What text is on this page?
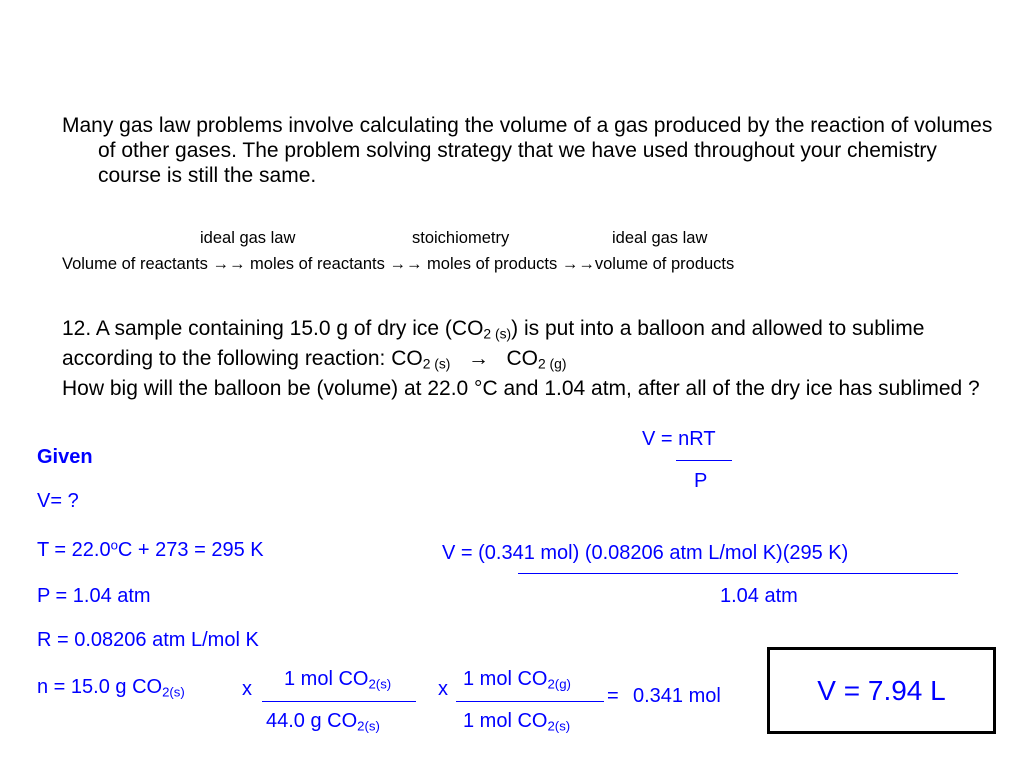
Many gas law problems involve calculating the volume of a gas produced by the reaction of volumes of other gases. The problem solving strategy that we have used throughout your chemistry course is still the same.
ideal gas law	stoichiometry	ideal gas law
Volume of reactants →→ moles of reactants →→ moles of products →→volume of products
12. A sample containing 15.0 g of dry ice $(CO_{2 (s)})$ is put into a balloon and allowed to sublime according to the following reaction: $CO_{2 (s)} \to CO_{2 (g)}$
How big will the balloon be (volume) at 22.0 °C and 1.04 atm, after all of the dry ice has sublimed ?
V = nRT
P
Given
V= ?
$T = 22.0^oC + 273 = 295$ K
P = 1.04 atm
R = 0.08206 atm L/mol K
V = (0.341 mol) (0.08206 atm L/mol K)(295 K)
1.04 atm
n = 15.0 g $CO_{2(s)}$	x 1 mol $CO_{2(s)}$
44.0 g $CO_{2(s)}$
x 1 mol $CO_{2(g)}$
1 mol $CO_{2(s)}$
= 0.341 mol	V = 7.94 L
